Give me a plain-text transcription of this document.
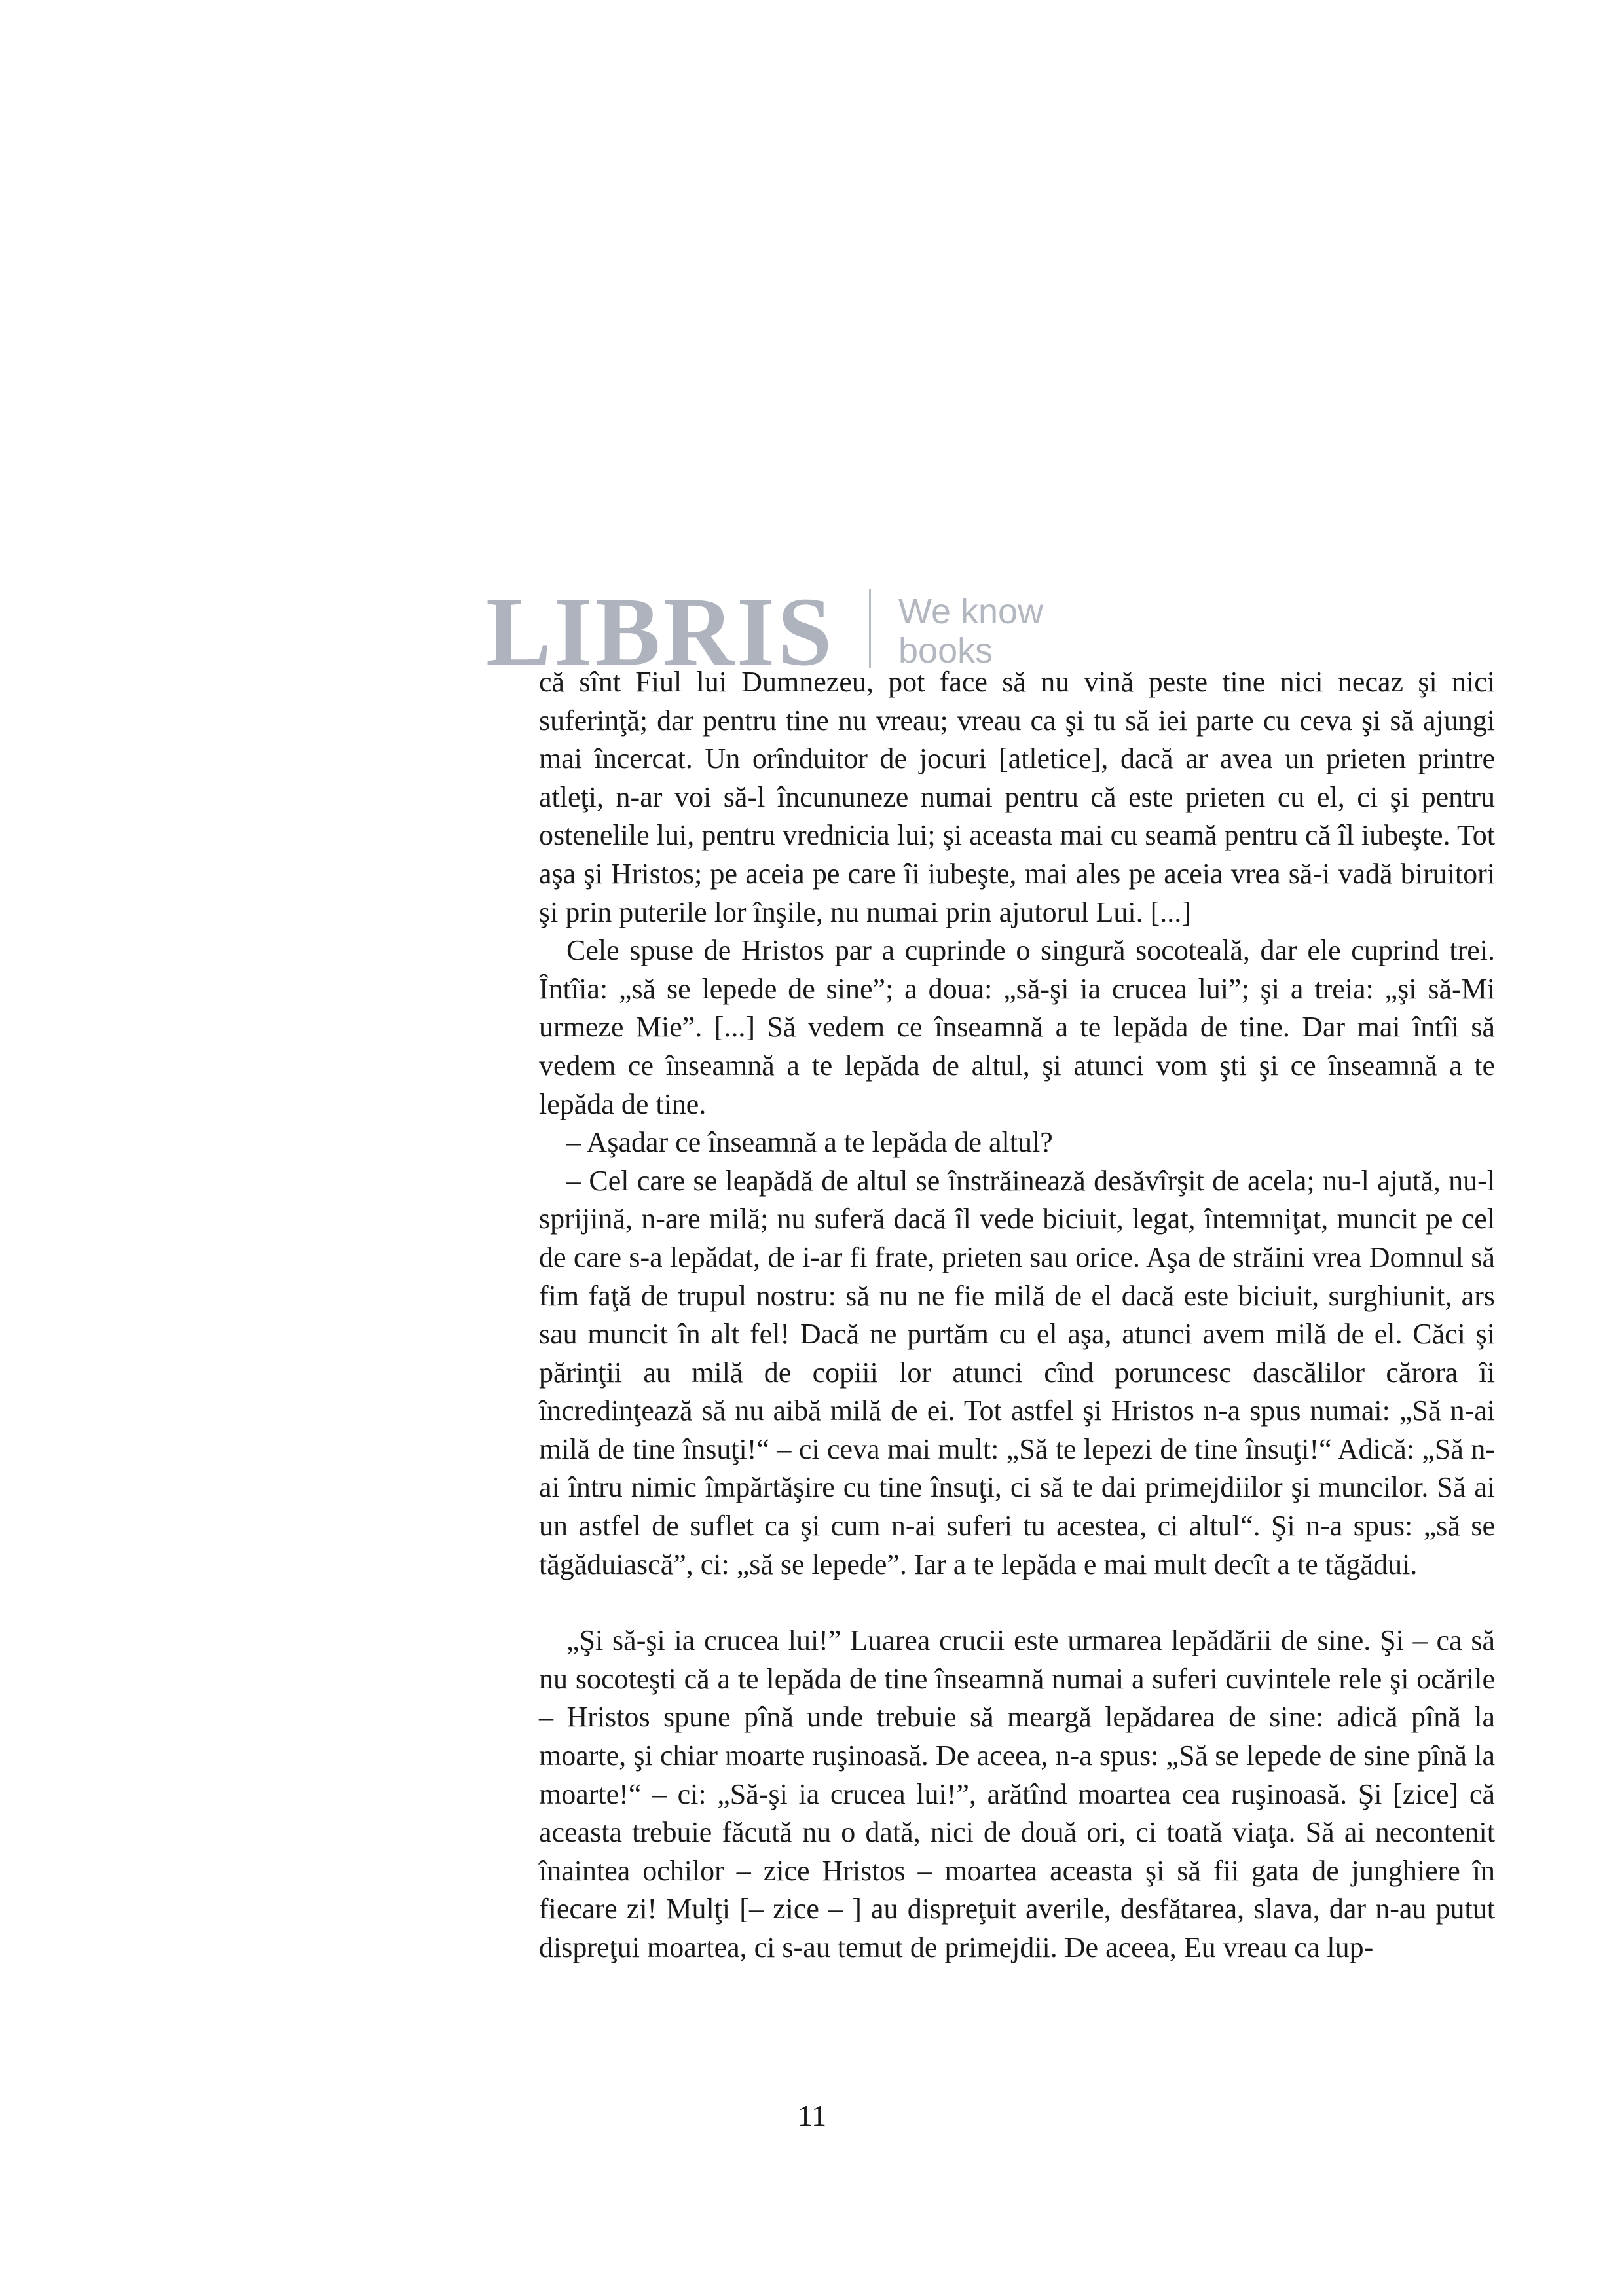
LIBRIS We know
books

că sînt Fiul lui Dumnezeu, pot face să nu vină peste tine nici necaz şi nici suferinţă; dar pentru tine nu vreau; vreau ca şi tu să iei parte cu ceva şi să ajungi mai încercat. Un orînduitor de jocuri [atletice], dacă ar avea un prieten printre atleţi, n-ar voi să-l încununeze numai pentru că este prieten cu el, ci şi pentru ostenelile lui, pentru vrednicia lui; şi aceasta mai cu seamă pentru că îl iubeşte. Tot aşa şi Hristos; pe aceia pe care îi iubeşte, mai ales pe aceia vrea să-i vadă biruitori şi prin puterile lor înşile, nu numai prin ajutorul Lui. [...]

Cele spuse de Hristos par a cuprinde o singură socoteală, dar ele cuprind trei. Întîia: „să se lepede de sine”; a doua: „să-şi ia crucea lui”; şi a treia: „şi să-Mi urmeze Mie”. [...] Să vedem ce înseamnă a te lepăda de tine. Dar mai întîi să vedem ce înseamnă a te lepăda de altul, şi atunci vom şti şi ce înseamnă a te lepăda de tine.

– Aşadar ce înseamnă a te lepăda de altul?

– Cel care se leapădă de altul se înstrăinează desăvîrşit de acela; nu-l ajută, nu-l sprijină, n-are milă; nu suferă dacă îl vede biciuit, legat, întemniţat, muncit pe cel de care s-a lepădat, de i-ar fi frate, prieten sau orice. Aşa de străini vrea Domnul să fim faţă de trupul nostru: să nu ne fie milă de el dacă este biciuit, surghiunit, ars sau muncit în alt fel! Dacă ne purtăm cu el aşa, atunci avem milă de el. Căci şi părinţii au milă de copiii lor atunci cînd poruncesc dascălilor cărora îi încredinţează să nu aibă milă de ei. Tot astfel şi Hristos n-a spus numai: „Să n-ai milă de tine însuţi!“ – ci ceva mai mult: „Să te lepezi de tine însuţi!“ Adică: „Să n-ai întru nimic împărtăşire cu tine însuţi, ci să te dai primejdiilor şi muncilor. Să ai un astfel de suflet ca şi cum n-ai suferi tu acestea, ci altul“. Şi n-a spus: „să se tăgăduiască”, ci: „să se lepede”. Iar a te lepăda e mai mult decît a te tăgădui.

„Şi să-şi ia crucea lui!” Luarea crucii este urmarea lepădării de sine. Şi – ca să nu socoteşti că a te lepăda de tine înseamnă numai a suferi cuvintele rele şi ocările – Hristos spune pînă unde trebuie să meargă lepădarea de sine: adică pînă la moarte, şi chiar moarte ruşinoasă. De aceea, n-a spus: „Să se lepede de sine pînă la moarte!“ – ci: „Să-şi ia crucea lui!”, arătînd moartea cea ruşinoasă. Şi [zice] că aceasta trebuie făcută nu o dată, nici de două ori, ci toată viaţa. Să ai necontenit înaintea ochilor – zice Hristos – moartea aceasta şi să fii gata de junghiere în fiecare zi! Mulţi [– zice – ] au dispreţuit averile, desfătarea, slava, dar n-au putut dispreţui moartea, ci s-au temut de primejdii. De aceea, Eu vreau ca lup-

11
